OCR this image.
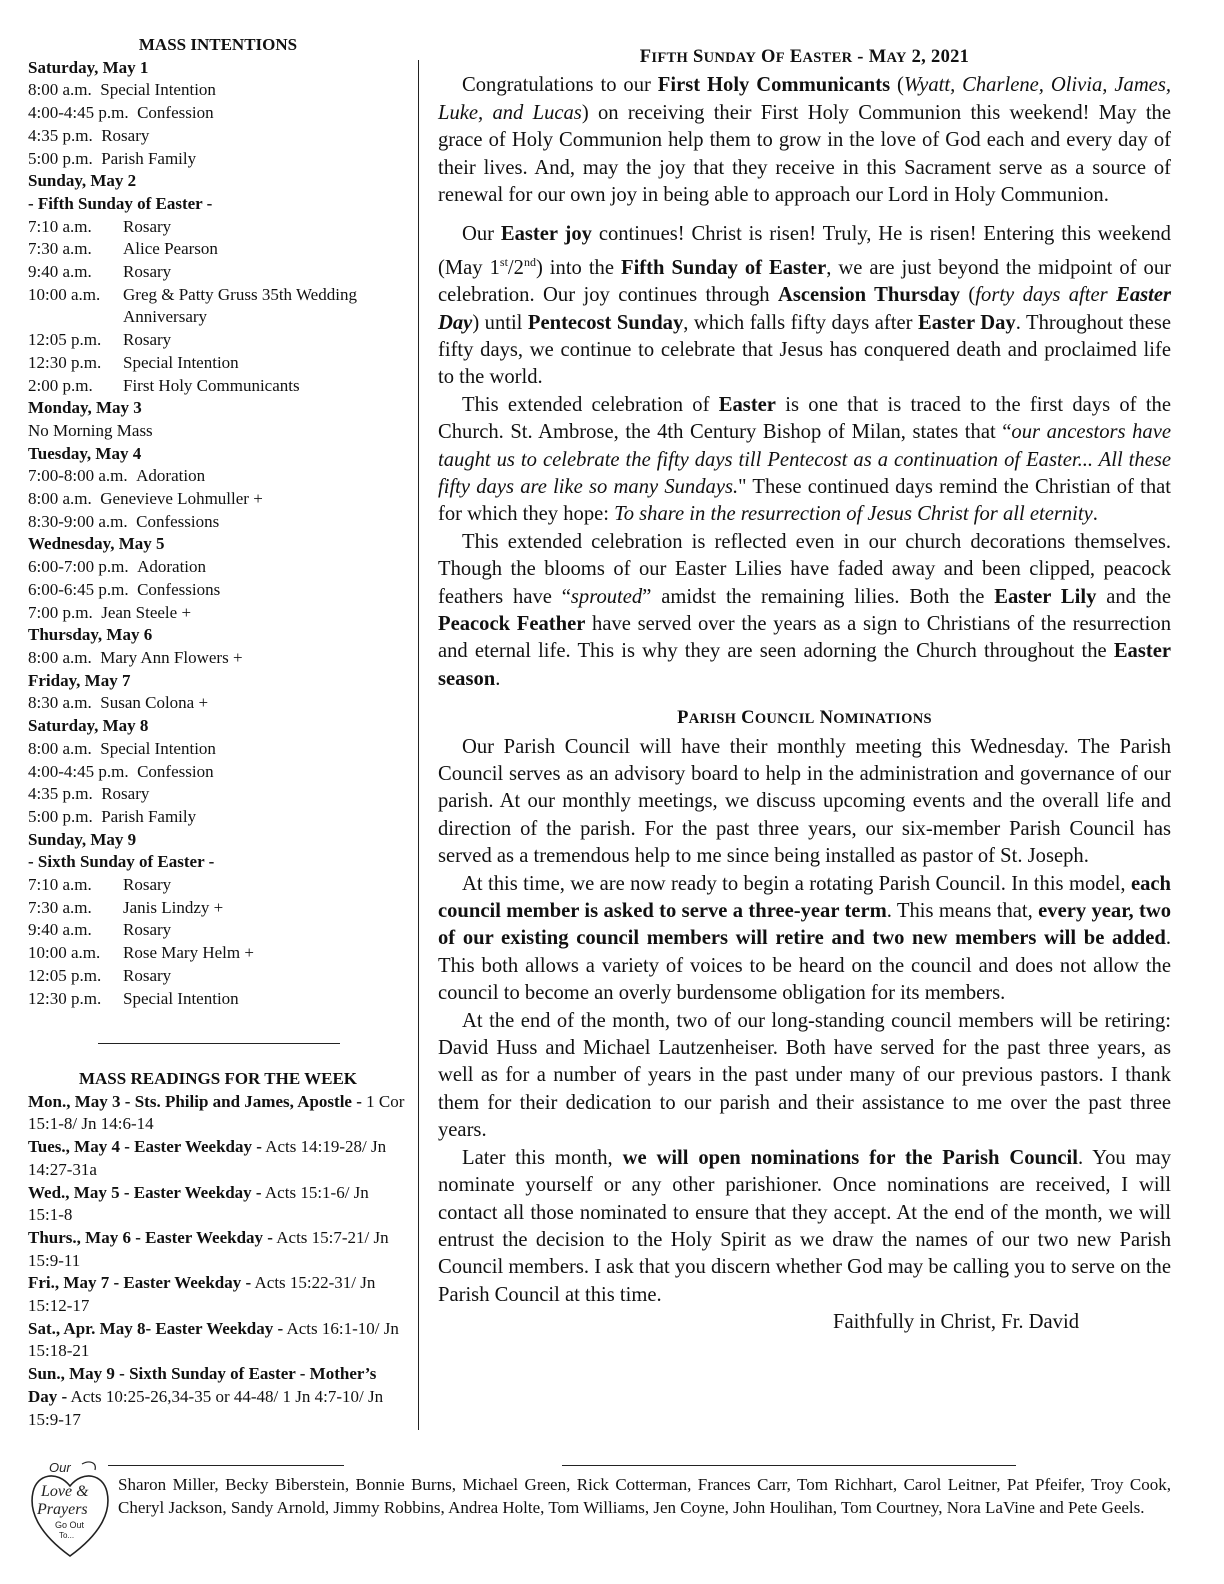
MASS INTENTIONS
Saturday, May 1
8:00 a.m. Special Intention
4:00-4:45 p.m. Confession
4:35 p.m. Rosary
5:00 p.m. Parish Family
Sunday, May 2
- Fifth Sunday of Easter -
7:10 a.m.	Rosary
7:30 a.m.	Alice Pearson
9:40 a.m.	Rosary
10:00 a.m.	Greg & Patty Gruss 35th Wedding Anniversary
12:05 p.m.	Rosary
12:30 p.m.	Special Intention
2:00 p.m.	First Holy Communicants
Monday, May 3
No Morning Mass
Tuesday, May 4
7:00-8:00 a.m. Adoration
8:00 a.m. Genevieve Lohmuller +
8:30-9:00 a.m. Confessions
Wednesday, May 5
6:00-7:00 p.m. Adoration
6:00-6:45 p.m. Confessions
7:00 p.m. Jean Steele +
Thursday, May 6
8:00 a.m. Mary Ann Flowers +
Friday, May 7
8:30 a.m. Susan Colona +
Saturday, May 8
8:00 a.m. Special Intention
4:00-4:45 p.m. Confession
4:35 p.m. Rosary
5:00 p.m. Parish Family
Sunday, May 9
- Sixth Sunday of Easter -
7:10 a.m.	Rosary
7:30 a.m.	Janis Lindzy +
9:40 a.m.	Rosary
10:00 a.m.	Rose Mary Helm +
12:05 p.m.	Rosary
12:30 p.m.	Special Intention
MASS READINGS FOR THE WEEK
Mon., May 3 - Sts. Philip and James, Apostle - 1 Cor 15:1-8/ Jn 14:6-14
Tues., May 4 - Easter Weekday - Acts 14:19-28/ Jn 14:27-31a
Wed., May 5 - Easter Weekday - Acts 15:1-6/ Jn 15:1-8
Thurs., May 6 - Easter Weekday - Acts 15:7-21/ Jn 15:9-11
Fri., May 7 - Easter Weekday - Acts 15:22-31/ Jn 15:12-17
Sat., Apr. May 8- Easter Weekday - Acts 16:1-10/ Jn 15:18-21
Sun., May 9 - Sixth Sunday of Easter - Mother’s Day - Acts 10:25-26,34-35 or 44-48/ 1 Jn 4:7-10/ Jn 15:9-17
FIFTH SUNDAY OF EASTER - MAY 2, 2021

Congratulations to our First Holy Communicants (Wyatt, Charlene, Olivia, James, Luke, and Lucas) on receiving their First Holy Communion this weekend! May the grace of Holy Communion help them to grow in the love of God each and every day of their lives. And, may the joy that they receive in this Sacrament serve as a source of renewal for our own joy in being able to approach our Lord in Holy Communion.

Our Easter joy continues! Christ is risen! Truly, He is risen! Entering this weekend (May 1st/2nd) into the Fifth Sunday of Easter, we are just beyond the midpoint of our celebration. Our joy continues through Ascension Thursday (forty days after Easter Day) until Pentecost Sunday, which falls fifty days after Easter Day. Throughout these fifty days, we continue to celebrate that Jesus has conquered death and proclaimed life to the world.

This extended celebration of Easter is one that is traced to the first days of the Church. St. Ambrose, the 4th Century Bishop of Milan, states that “our ancestors have taught us to celebrate the fifty days till Pentecost as a continuation of Easter... All these fifty days are like so many Sundays." These continued days remind the Christian of that for which they hope: To share in the resurrection of Jesus Christ for all eternity.

This extended celebration is reflected even in our church decorations themselves. Though the blooms of our Easter Lilies have faded away and been clipped, peacock feathers have “sprouted” amidst the remaining lilies. Both the Easter Lily and the Peacock Feather have served over the years as a sign to Christians of the resurrection and eternal life. This is why they are seen adorning the Church throughout the Easter season.

PARISH COUNCIL NOMINATIONS

Our Parish Council will have their monthly meeting this Wednesday. The Parish Council serves as an advisory board to help in the administration and governance of our parish. At our monthly meetings, we discuss upcoming events and the overall life and direction of the parish. For the past three years, our six-member Parish Council has served as a tremendous help to me since being installed as pastor of St. Joseph.

At this time, we are now ready to begin a rotating Parish Council. In this model, each council member is asked to serve a three-year term. This means that, every year, two of our existing council members will retire and two new members will be added. This both allows a variety of voices to be heard on the council and does not allow the council to become an overly burdensome obligation for its members.

At the end of the month, two of our long-standing council members will be retiring: David Huss and Michael Lautzenheiser. Both have served for the past three years, as well as for a number of years in the past under many of our previous pastors. I thank them for their dedication to our parish and their assistance to me over the past three years.

Later this month, we will open nominations for the Parish Council. You may nominate yourself or any other parishioner. Once nominations are received, I will contact all those nominated to ensure that they accept. At the end of the month, we will entrust the decision to the Holy Spirit as we draw the names of our two new Parish Council members. I ask that you discern whether God may be calling you to serve on the Parish Council at this time.

Faithfully in Christ, Fr. David
Our
Love &
Prayers
Go Out
To...
Sharon Miller, Becky Biberstein, Bonnie Burns, Michael Green, Rick Cotterman, Frances Carr, Tom Richhart, Carol Leitner, Pat Pfeifer, Troy Cook, Cheryl Jackson, Sandy Arnold, Jimmy Robbins, Andrea Holte, Tom Williams, Jen Coyne, John Houlihan, Tom Courtney, Nora LaVine and Pete Geels.
